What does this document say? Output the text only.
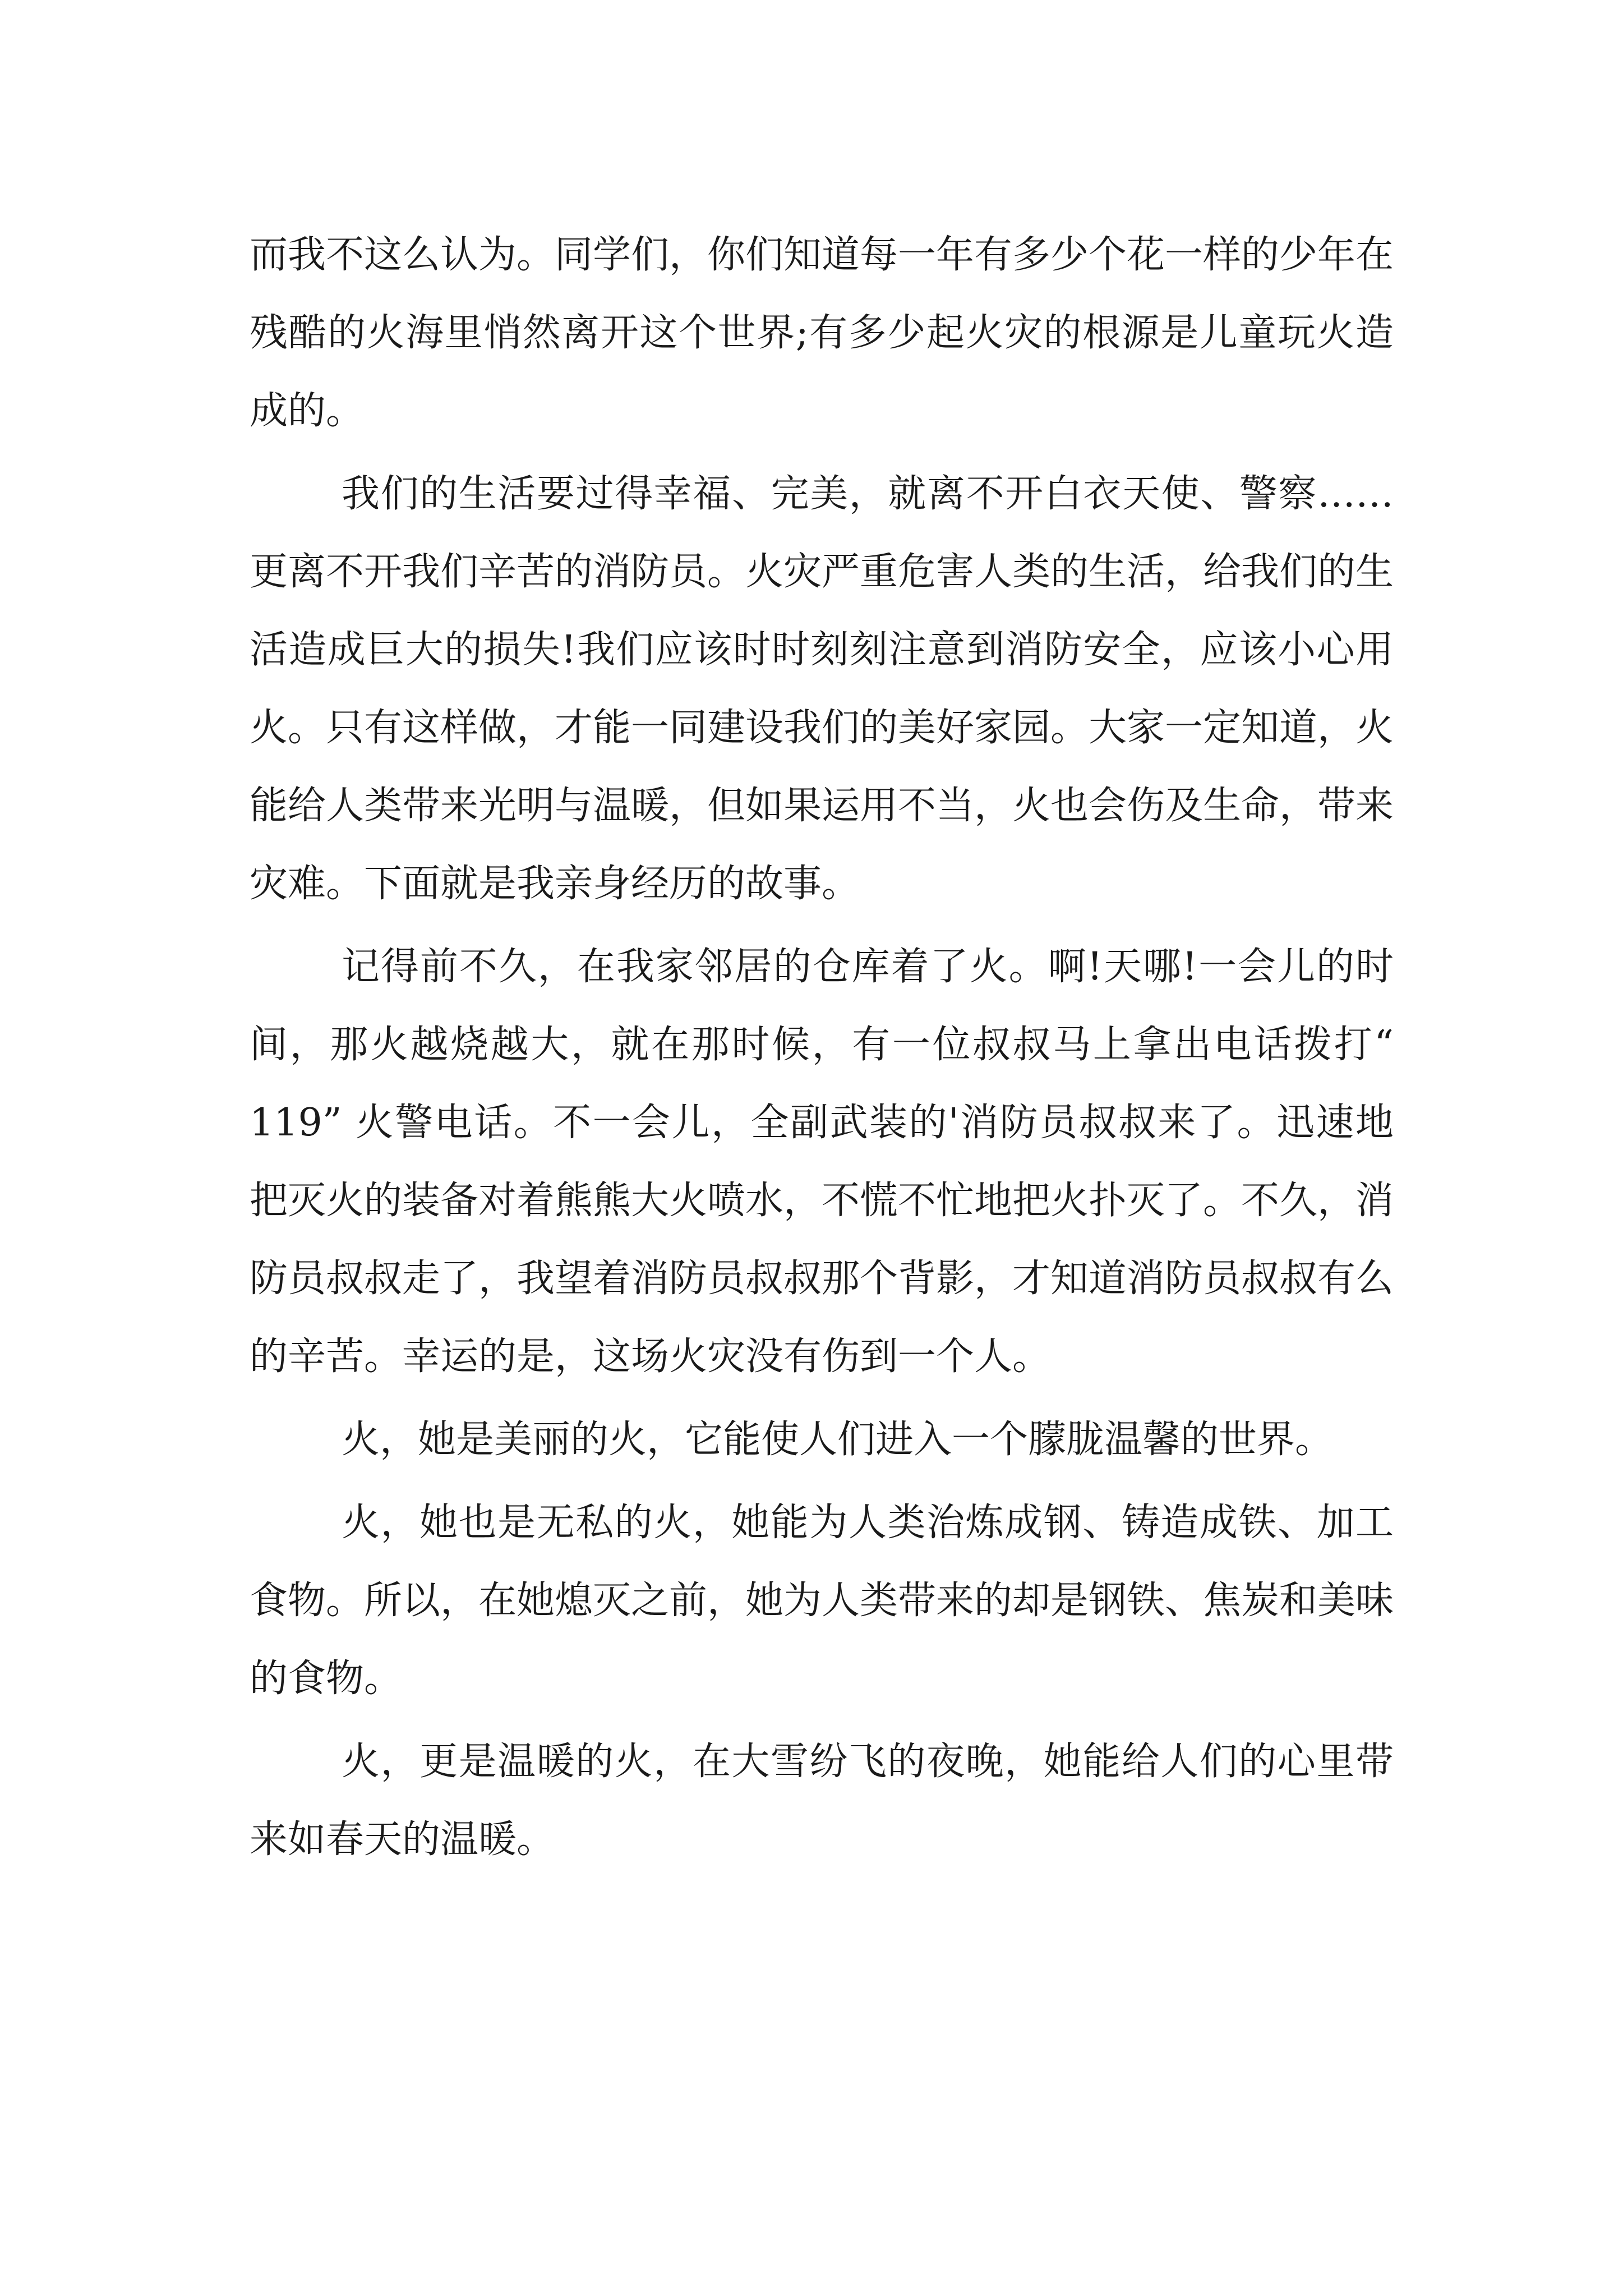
而我不这么认为。同学们，你们知道每一年有多少个花一样的少年在残酷的火海里悄然离开这个世界;有多少起火灾的根源是儿童玩火造成的。

我们的生活要过得幸福、完美，就离不开白衣天使、警察……更离不开我们辛苦的消防员。火灾严重危害人类的生活，给我们的生活造成巨大的损失!我们应该时时刻刻注意到消防安全，应该小心用火。只有这样做，才能一同建设我们的美好家园。大家一定知道，火能给人类带来光明与温暖，但如果运用不当，火也会伤及生命，带来灾难。下面就是我亲身经历的故事。

记得前不久，在我家邻居的仓库着了火。啊!天哪!一会儿的时间，那火越烧越大，就在那时候，有一位叔叔马上拿出电话拨打“ 119” 火警电话。不一会儿，全副武装的'消防员叔叔来了。迅速地把灭火的装备对着熊熊大火喷水，不慌不忙地把火扑灭了。不久，消防员叔叔走了，我望着消防员叔叔那个背影，才知道消防员叔叔有么的辛苦。幸运的是，这场火灾没有伤到一个人。

火，她是美丽的火，它能使人们进入一个朦胧温馨的世界。

火，她也是无私的火，她能为人类治炼成钢、铸造成铁、加工食物。所以，在她熄灭之前，她为人类带来的却是钢铁、焦炭和美味的食物。

火，更是温暖的火，在大雪纷飞的夜晚，她能给人们的心里带来如春天的温暖。
